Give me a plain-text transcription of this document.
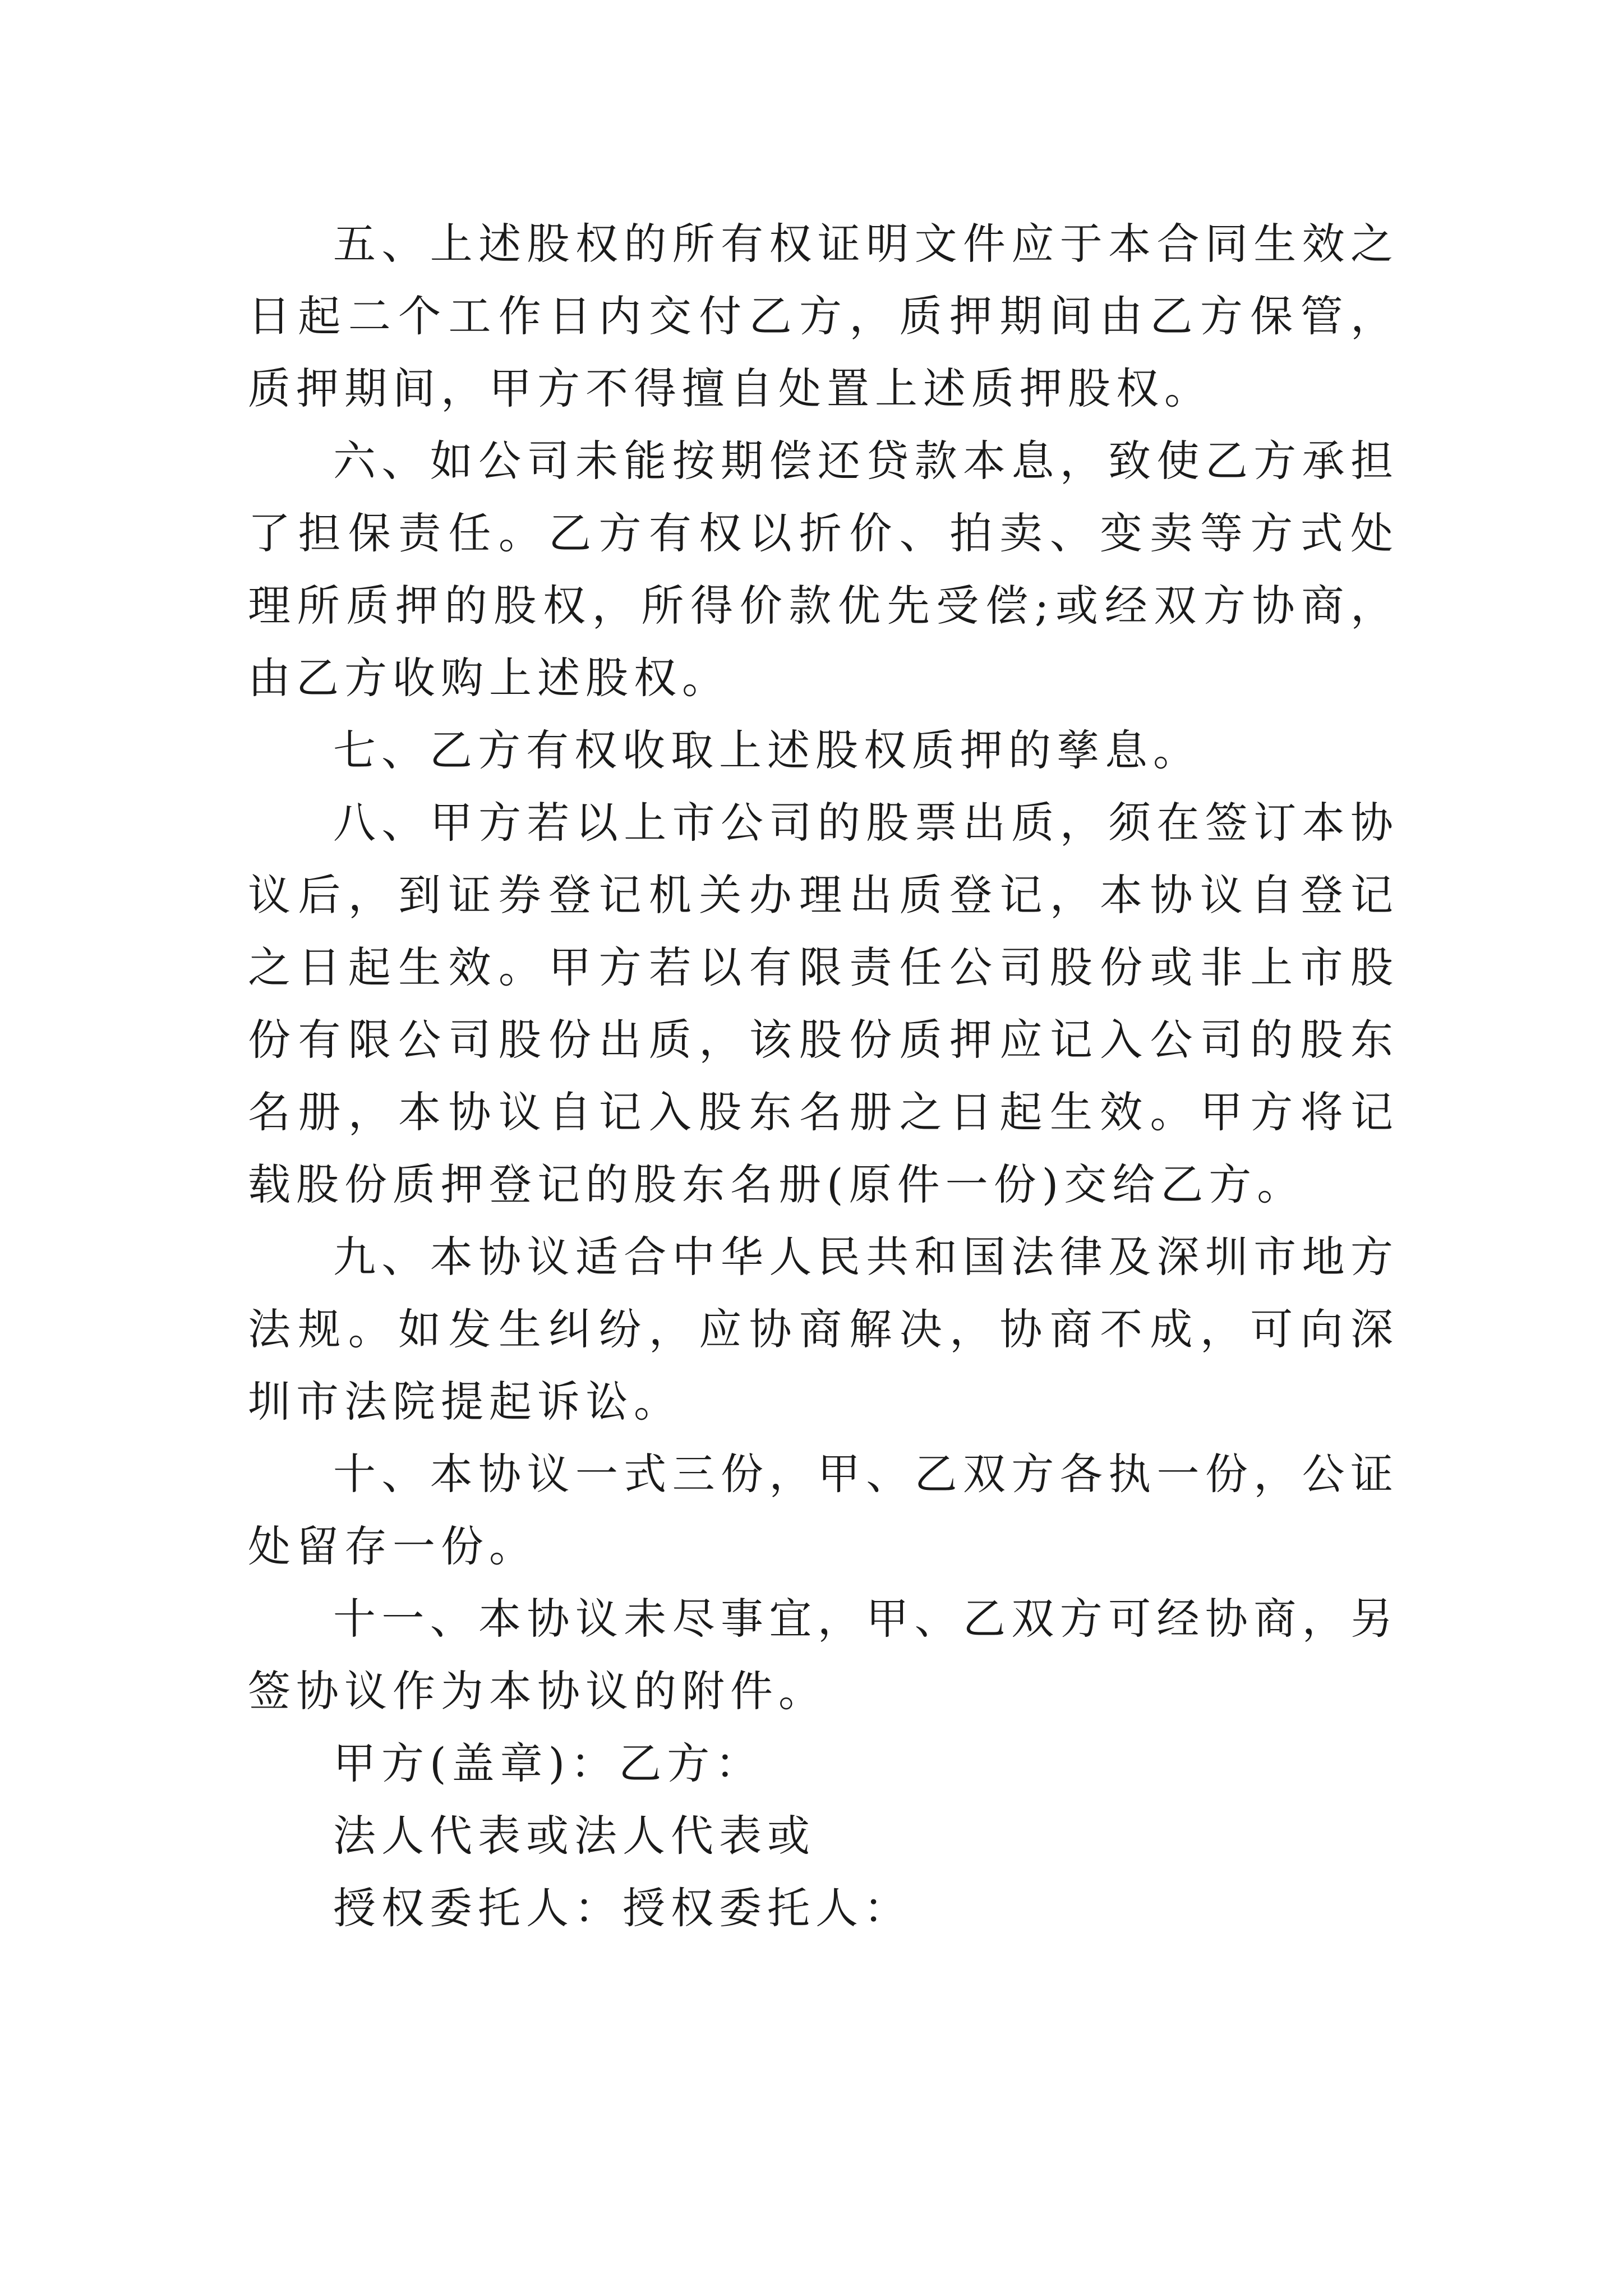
五、上述股权的所有权证明文件应于本合同生效之日起二个工作日内交付乙方，质押期间由乙方保管，质押期间，甲方不得擅自处置上述质押股权。

六、如公司未能按期偿还贷款本息，致使乙方承担了担保责任。乙方有权以折价、拍卖、变卖等方式处理所质押的股权，所得价款优先受偿;或经双方协商，由乙方收购上述股权。

七、乙方有权收取上述股权质押的孳息。

八、甲方若以上市公司的股票出质，须在签订本协议后，到证券登记机关办理出质登记，本协议自登记之日起生效。甲方若以有限责任公司股份或非上市股份有限公司股份出质，该股份质押应记入公司的股东名册，本协议自记入股东名册之日起生效。甲方将记载股份质押登记的股东名册(原件一份)交给乙方。

九、本协议适合中华人民共和国法律及深圳市地方法规。如发生纠纷，应协商解决，协商不成，可向深圳市法院提起诉讼。

十、本协议一式三份，甲、乙双方各执一份，公证处留存一份。

十一、本协议未尽事宜，甲、乙双方可经协商，另签协议作为本协议的附件。

甲方(盖章)：乙方：

法人代表或法人代表或

授权委托人：授权委托人：
